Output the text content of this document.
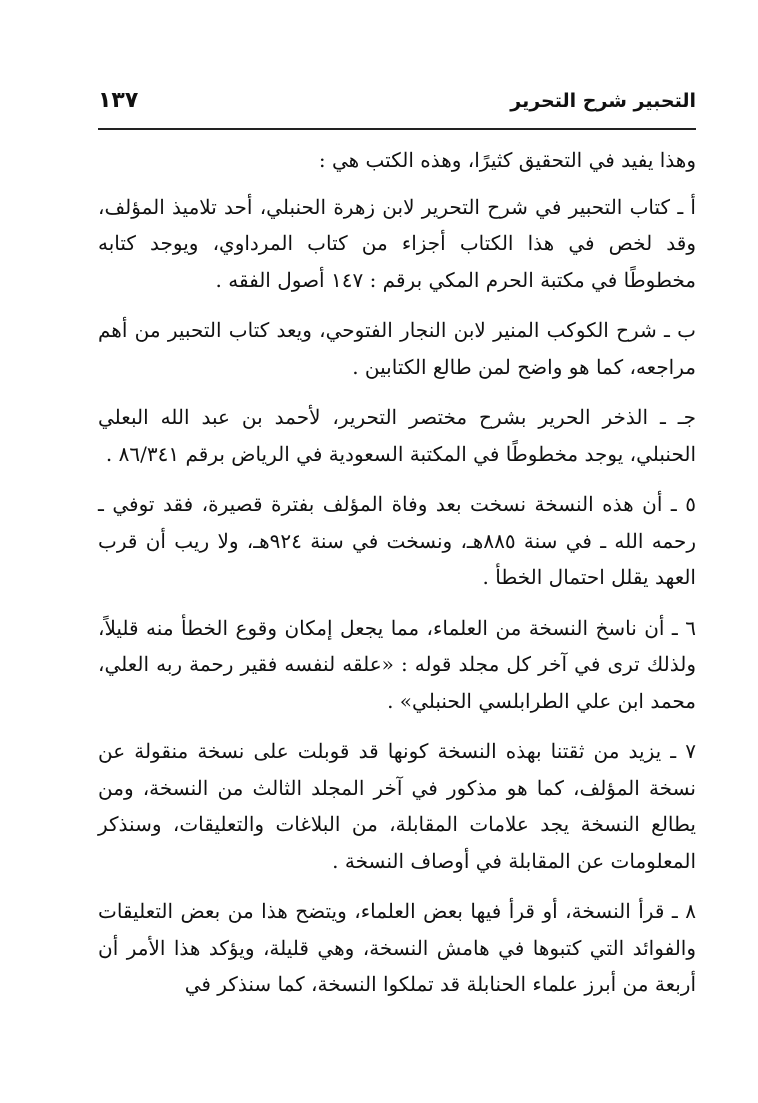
التحبير شرح التحرير
١٣٧

وهذا يفيد في التحقيق كثيرًا، وهذه الكتب هي :

أ ـ كتاب التحبير في شرح التحرير لابن زهرة الحنبلي، أحد تلاميذ المؤلف، وقد لخص في هذا الكتاب أجزاء من كتاب المرداوي، ويوجد كتابه مخطوطًا في مكتبة الحرم المكي برقم : ١٤٧ أصول الفقه .

ب ـ شرح الكوكب المنير لابن النجار الفتوحي، ويعد كتاب التحبير من أهم مراجعه، كما هو واضح لمن طالع الكتابين .

جـ ـ الذخر الحرير بشرح مختصر التحرير، لأحمد بن عبد الله البعلي الحنبلي، يوجد مخطوطًا في المكتبة السعودية في الرياض برقم ٨٦/٣٤١ .

٥ ـ أن هذه النسخة نسخت بعد وفاة المؤلف بفترة قصيرة، فقد توفي ـ رحمه الله ـ في سنة ٨٨٥هـ، ونسخت في سنة ٩٢٤هـ، ولا ريب أن قرب العهد يقلل احتمال الخطأ .

٦ ـ أن ناسخ النسخة من العلماء، مما يجعل إمكان وقوع الخطأ منه قليلاً، ولذلك ترى في آخر كل مجلد قوله : «علقه لنفسه فقير رحمة ربه العلي، محمد ابن علي الطرابلسي الحنبلي» .

٧ ـ يزيد من ثقتنا بهذه النسخة كونها قد قوبلت على نسخة منقولة عن نسخة المؤلف، كما هو مذكور في آخر المجلد الثالث من النسخة، ومن يطالع النسخة يجد علامات المقابلة، من البلاغات والتعليقات، وسنذكر المعلومات عن المقابلة في أوصاف النسخة .

٨ ـ قرأ النسخة، أو قرأ فيها بعض العلماء، ويتضح هذا من بعض التعليقات والفوائد التي كتبوها في هامش النسخة، وهي قليلة، ويؤكد هذا الأمر أن أربعة من أبرز علماء الحنابلة قد تملكوا النسخة، كما سنذكر في
